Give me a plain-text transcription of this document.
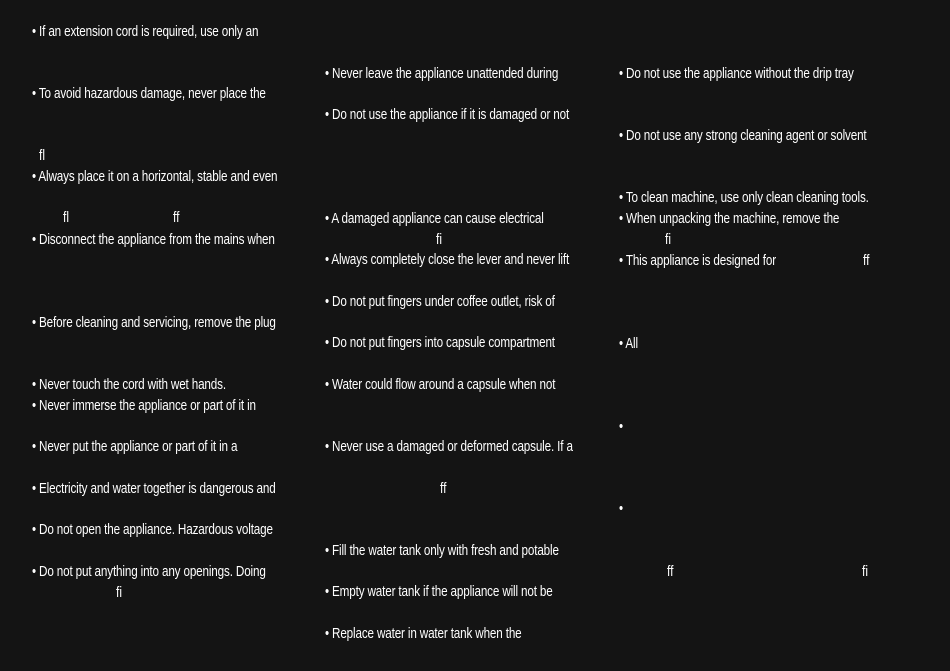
• If an extension cord is required, use only an
• To avoid hazardous damage, never place the
fl
• Always place it on a horizontal, stable and even
fl	ff
• Disconnect the appliance from the mains when
• Before cleaning and servicing, remove the plug
• Never touch the cord with wet hands.
• Never immerse the appliance or part of it in
• Never put the appliance or part of it in a
• Electricity and water together is dangerous and
• Do not open the appliance. Hazardous voltage
• Do not put anything into any openings. Doing
fi
• Never leave the appliance unattended during
• Do not use the appliance if it is damaged or not
• A damaged appliance can cause electrical
fi
• Always completely close the lever and never lift
• Do not put fingers under coffee outlet, risk of
• Do not put fingers into capsule compartment
• Water could flow around a capsule when not
• Never use a damaged or deformed capsule. If a
ff
• Fill the water tank only with fresh and potable
• Empty water tank if the appliance will not be
• Replace water in water tank when the
• Do not use the appliance without the drip tray
• Do not use any strong cleaning agent or solvent
• To clean machine, use only clean cleaning tools.
• When unpacking the machine, remove the
fi
• This appliance is designed for	ff
• All
•
•
ff	fi
